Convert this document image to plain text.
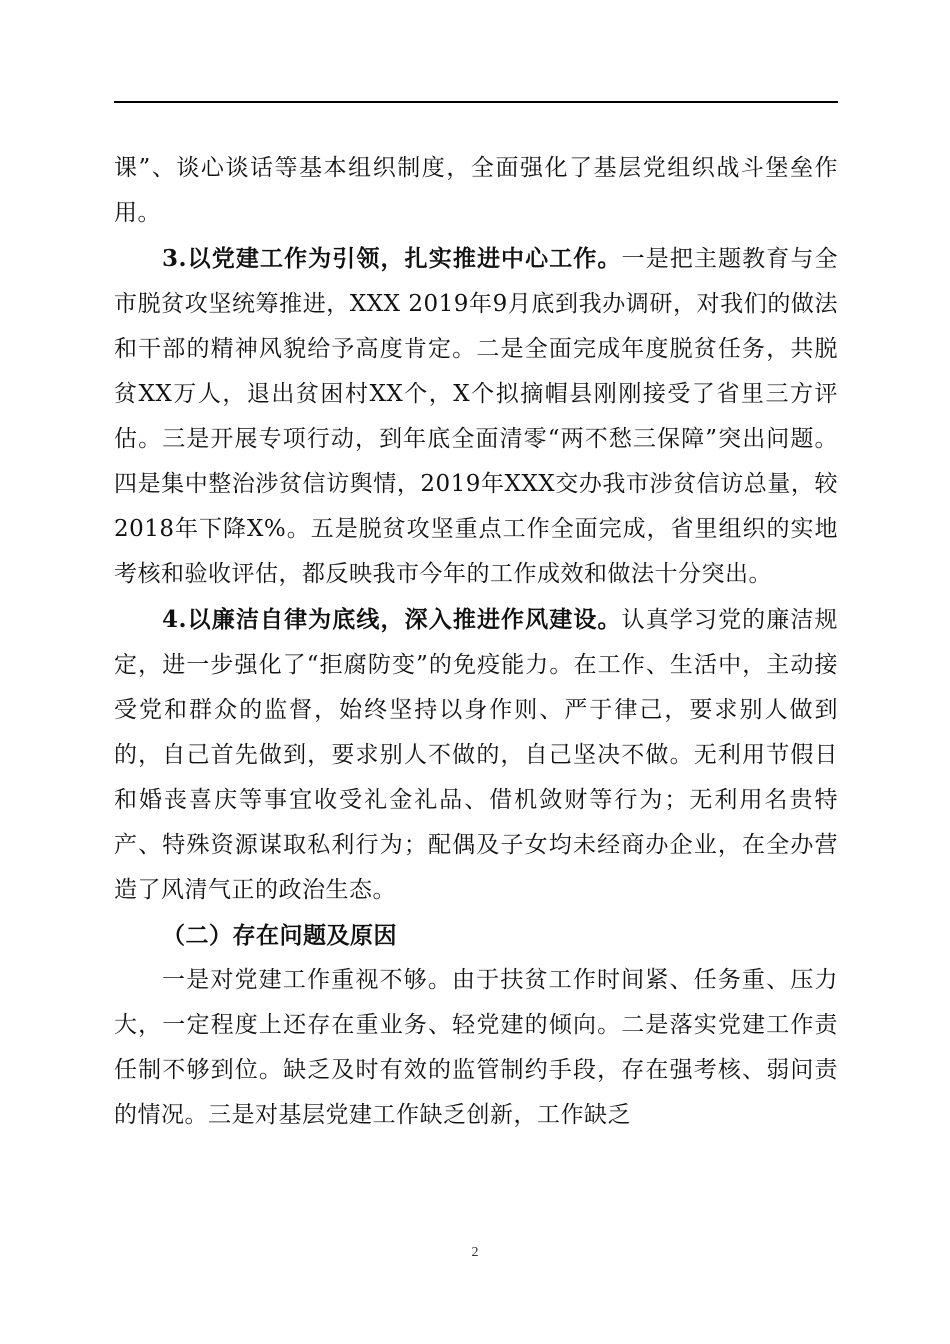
课”、谈心谈话等基本组织制度，全面强化了基层党组织战斗堡垒作用。

3.以党建工作为引领，扎实推进中心工作。一是把主题教育与全市脱贫攻坚统筹推进，XXX 2019年9月底到我办调研，对我们的做法和干部的精神风貌给予高度肯定。二是全面完成年度脱贫任务，共脱贫XX万人，退出贫困村XX个，X个拟摘帽县刚刚接受了省里三方评估。三是开展专项行动，到年底全面清零“两不愁三保障”突出问题。四是集中整治涉贫信访舆情，2019年XXX交办我市涉贫信访总量，较2018年下降X%。五是脱贫攻坚重点工作全面完成，省里组织的实地考核和验收评估，都反映我市今年的工作成效和做法十分突出。

4.以廉洁自律为底线，深入推进作风建设。认真学习党的廉洁规定，进一步强化了“拒腐防变”的免疫能力。在工作、生活中，主动接受党和群众的监督，始终坚持以身作则、严于律己，要求别人做到的，自己首先做到，要求别人不做的，自己坚决不做。无利用节假日和婚丧喜庆等事宜收受礼金礼品、借机敛财等行为；无利用名贵特产、特殊资源谋取私利行为；配偶及子女均未经商办企业，在全办营造了风清气正的政治生态。

（二）存在问题及原因

一是对党建工作重视不够。由于扶贫工作时间紧、任务重、压力大，一定程度上还存在重业务、轻党建的倾向。二是落实党建工作责任制不够到位。缺乏及时有效的监管制约手段，存在强考核、弱问责的情况。三是对基层党建工作缺乏创新，工作缺乏

2
